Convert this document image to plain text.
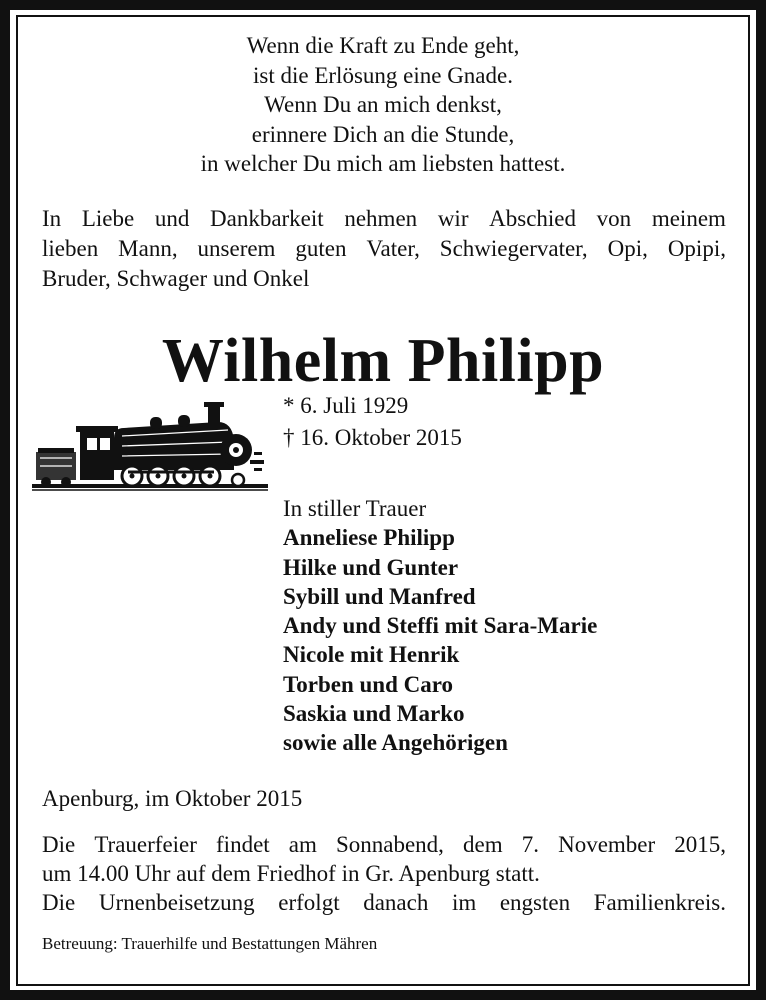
Wenn die Kraft zu Ende geht,
ist die Erlösung eine Gnade.
Wenn Du an mich denkst,
erinnere Dich an die Stunde,
in welcher Du mich am liebsten hattest.
In Liebe und Dankbarkeit nehmen wir Abschied von meinem
lieben Mann, unserem guten Vater, Schwiegervater, Opi, Opipi,
Bruder, Schwager und Onkel
Wilhelm Philipp
* 6. Juli 1929
† 16. Oktober 2015
In stiller Trauer
Anneliese Philipp
Hilke und Gunter
Sybill und Manfred
Andy und Steffi mit Sara-Marie
Nicole mit Henrik
Torben und Caro
Saskia und Marko
sowie alle Angehörigen
Apenburg, im Oktober 2015
Die Trauerfeier findet am Sonnabend, dem 7. November 2015,
um 14.00 Uhr auf dem Friedhof in Gr. Apenburg statt.
Die Urnenbeisetzung erfolgt danach im engsten Familienkreis.
Betreuung: Trauerhilfe und Bestattungen Mähren
